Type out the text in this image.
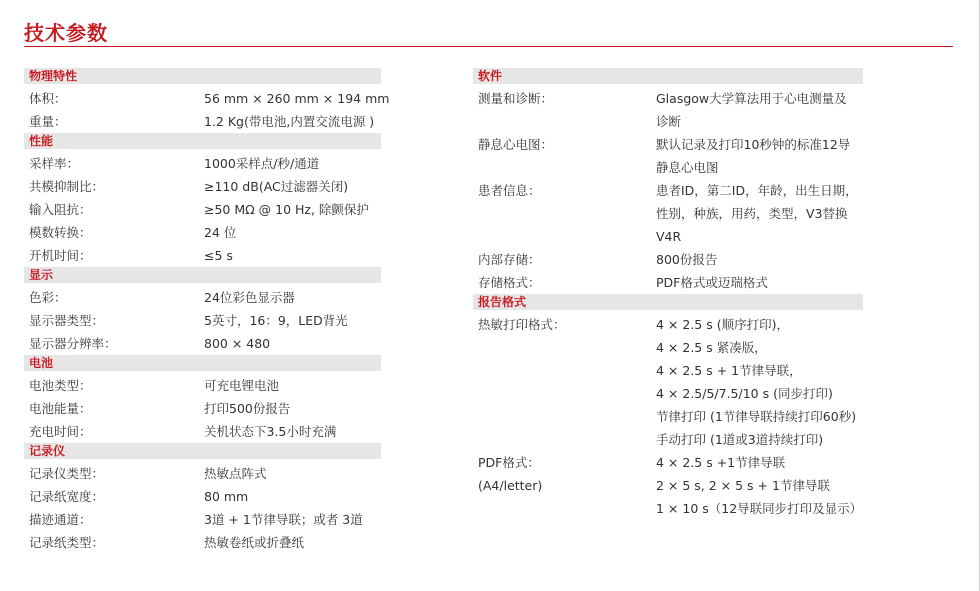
技术参数
物理特性
体积：	56 mm × 260 mm × 194 mm
重量：	1.2 Kg(带电池,内置交流电源 )
性能
采样率：	1000采样点/秒/通道
共模抑制比：	≥110 dB(AC过滤器关闭)
输入阻抗：	≥50 MΩ @ 10 Hz, 除颤保护
模数转换：	24 位
开机时间：	≤5 s
显示
色彩：	24位彩色显示器
显示器类型：	5英寸，16：9，LED背光
显示器分辨率：	800 × 480
电池
电池类型：	可充电锂电池
电池能量：	打印500份报告
充电时间：	关机状态下3.5小时充满
记录仪
记录仪类型：	热敏点阵式
记录纸宽度：	80 mm
描迹通道：	3道 + 1节律导联；或者 3道
记录纸类型：	热敏卷纸或折叠纸
软件
测量和诊断：	Glasgow大学算法用于心电测量及
诊断
静息心电图：	默认记录及打印10秒钟的标准12导
静息心电图
患者信息：	患者ID，第二ID，年龄，出生日期，
性别，种族，用药，类型，V3替换
V4R
内部存储：	800份报告
存储格式：	PDF格式或迈瑞格式
报告格式
热敏打印格式：	4 × 2.5 s (顺序打印)，
4 × 2.5 s 紧凑版，
4 × 2.5 s + 1节律导联，
4 × 2.5/5/7.5/10 s (同步打印)
节律打印 (1节律导联持续打印60秒)
手动打印 (1道或3道持续打印)
PDF格式：	4 × 2.5 s +1节律导联
(A4/letter)	2 × 5 s, 2 × 5 s + 1节律导联
1 × 10 s（12导联同步打印及显示）
